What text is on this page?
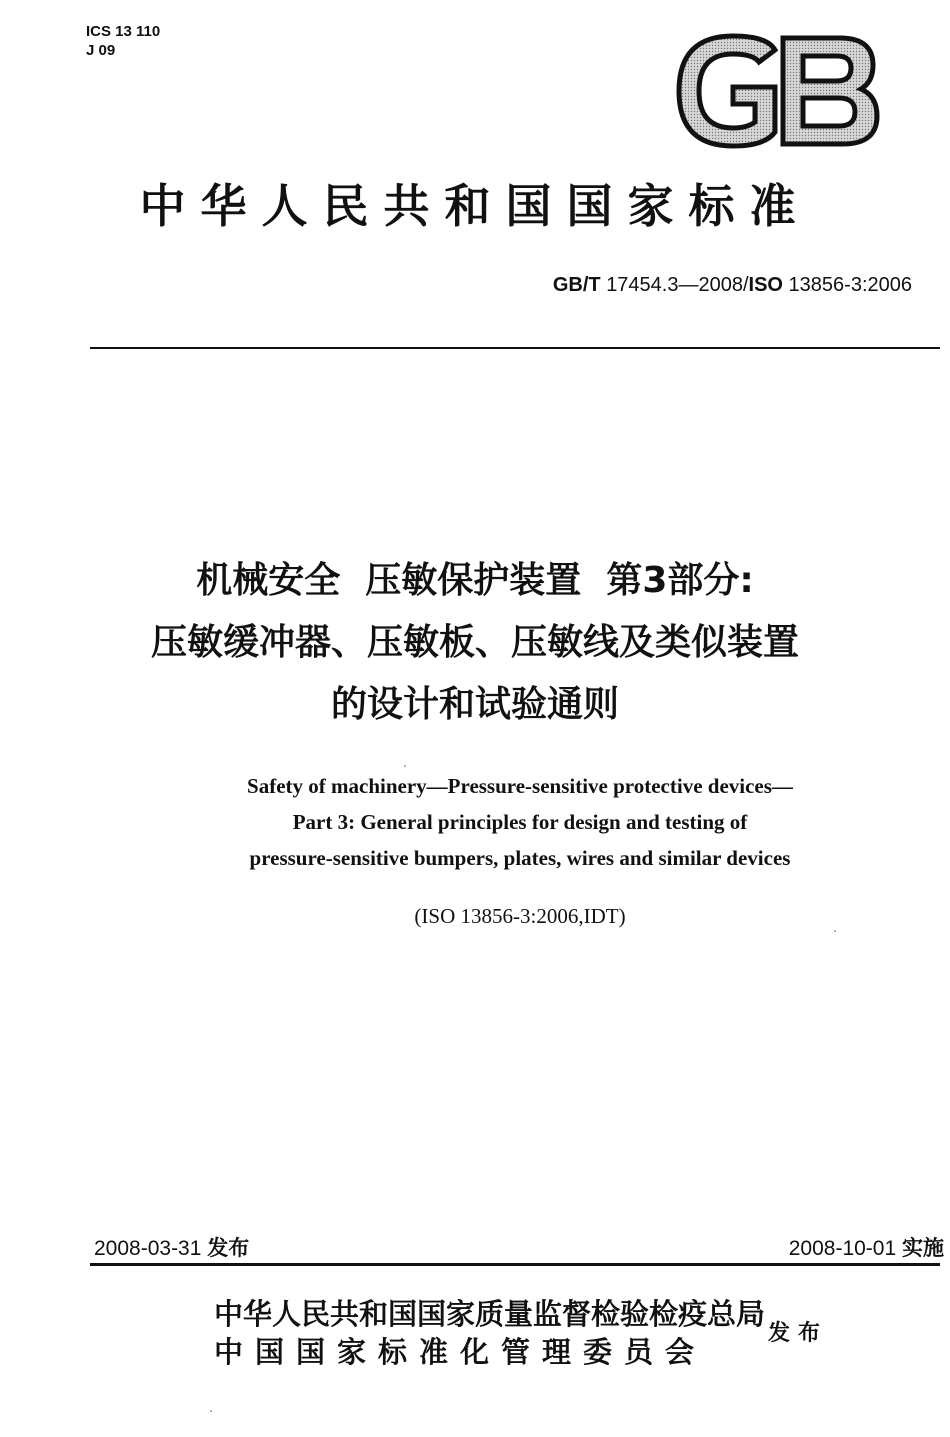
ICS 13 110
J 09
中华人民共和国国家标准
GB/T 17454.3—2008/ISO 13856-3:2006
机械安全  压敏保护装置  第3部分:
压敏缓冲器、压敏板、压敏线及类似装置
的设计和试验通则
Safety of machinery—Pressure-sensitive protective devices—
Part 3: General principles for design and testing of
pressure-sensitive bumpers, plates, wires and similar devices
(ISO 13856-3:2006,IDT)
2008-03-31 发布	2008-10-01 实施
中华人民共和国国家质量监督检验检疫总局
中国国家标准化管理委员会
发布
